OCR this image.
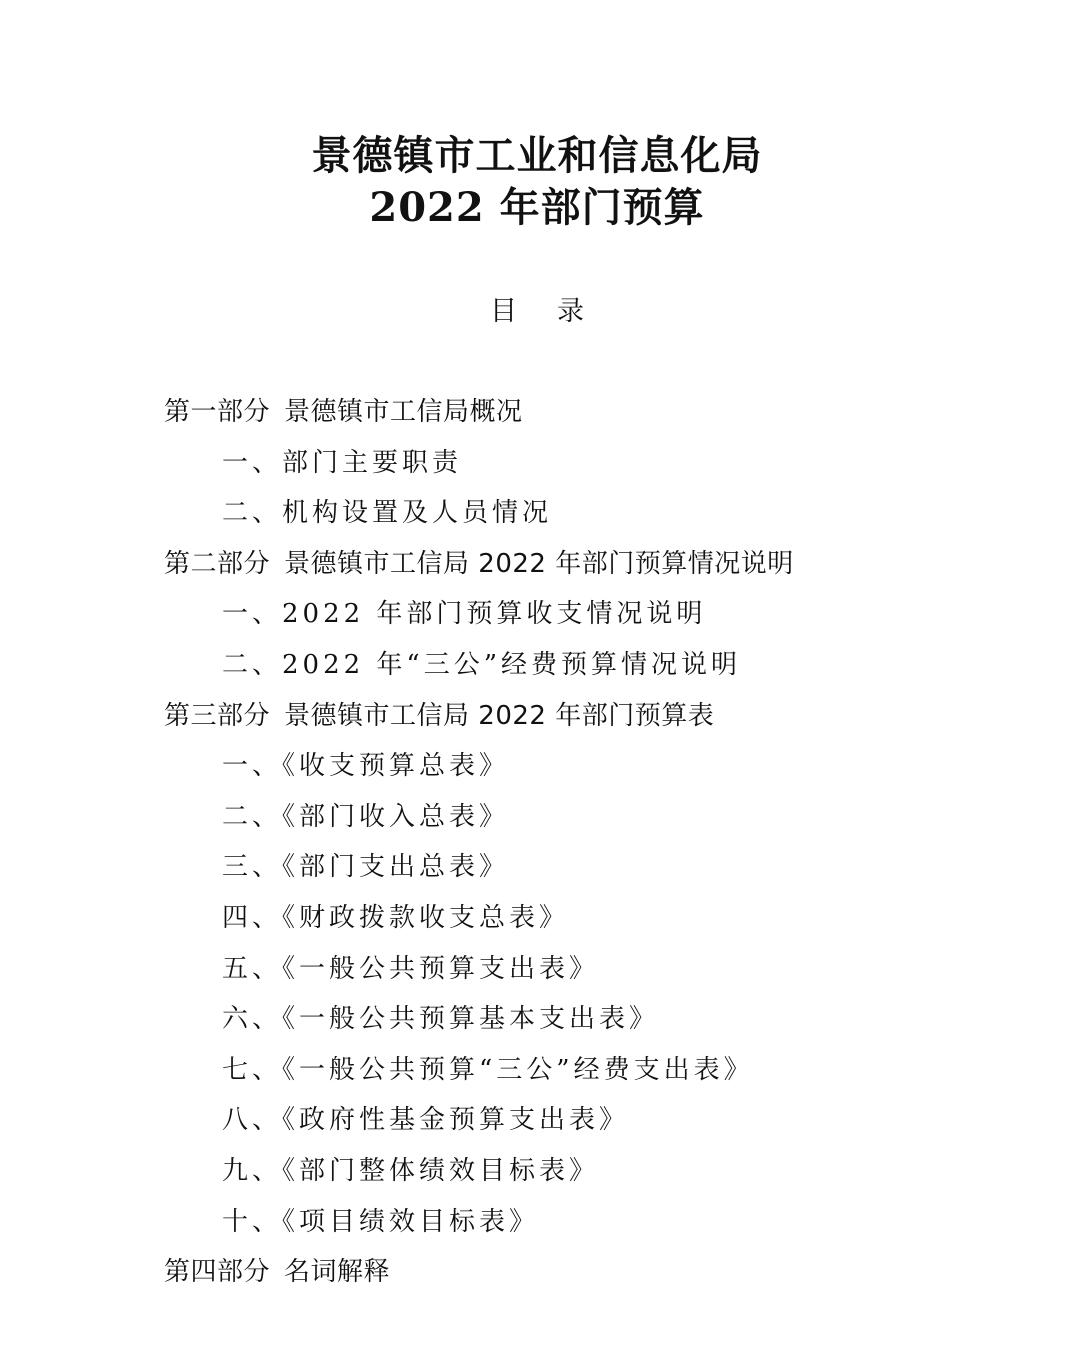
景德镇市工业和信息化局
2022 年部门预算
目录
第一部分 景德镇市工信局概况
一、部门主要职责
二、机构设置及人员情况
第二部分 景德镇市工信局 2022 年部门预算情况说明
一、2022 年部门预算收支情况说明
二、2022 年“三公”经费预算情况说明
第三部分 景德镇市工信局 2022 年部门预算表
一、《收支预算总表》
二、《部门收入总表》
三、《部门支出总表》
四、《财政拨款收支总表》
五、《一般公共预算支出表》
六、《一般公共预算基本支出表》
七、《一般公共预算“三公”经费支出表》
八、《政府性基金预算支出表》
九、《部门整体绩效目标表》
十、《项目绩效目标表》
第四部分 名词解释
